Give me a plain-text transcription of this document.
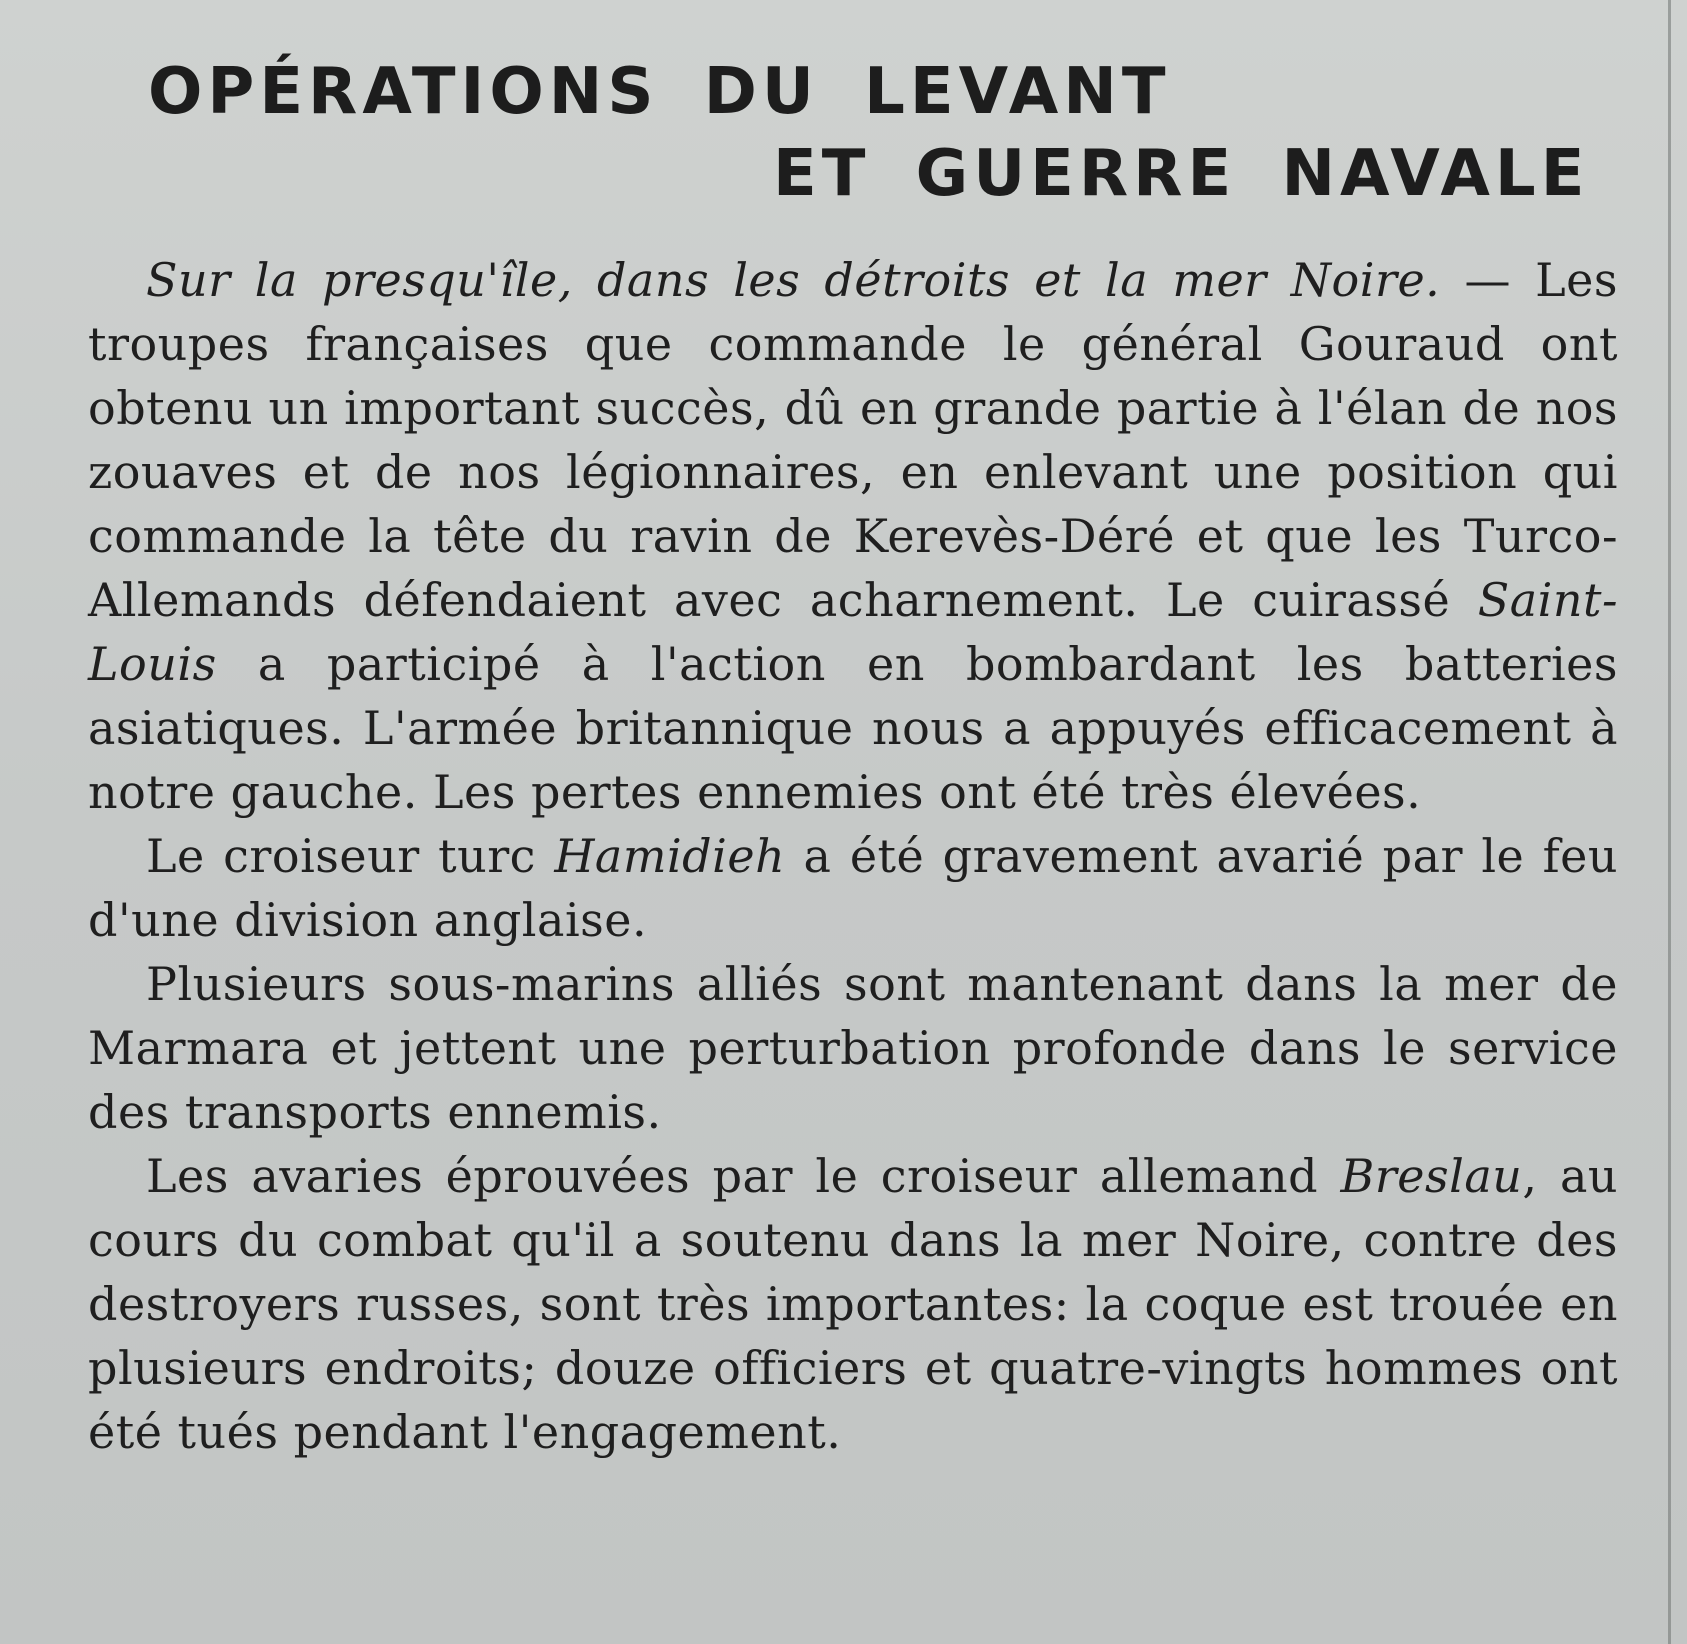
OPÉRATIONS DU LEVANT
ET GUERRE NAVALE

Sur la presqu'île, dans les détroits et la mer Noire. — Les troupes françaises que commande le général Gouraud ont obtenu un important succès, dû en grande partie à l'élan de nos zouaves et de nos légionnaires, en enlevant une position qui commande la tête du ravin de Kerevès-Déré et que les Turco-Allemands défendaient avec acharnement. Le cuirassé Saint-Louis a participé à l'action en bombardant les batteries asiatiques. L'armée britannique nous a appuyés efficacement à notre gauche. Les pertes ennemies ont été très élevées.

Le croiseur turc Hamidieh a été gravement avarié par le feu d'une division anglaise.

Plusieurs sous-marins alliés sont mantenant dans la mer de Marmara et jettent une perturbation profonde dans le service des transports ennemis.

Les avaries éprouvées par le croiseur allemand Breslau, au cours du combat qu'il a soutenu dans la mer Noire, contre des destroyers russes, sont très importantes: la coque est trouée en plusieurs endroits; douze officiers et quatre-vingts hommes ont été tués pendant l'engagement.
